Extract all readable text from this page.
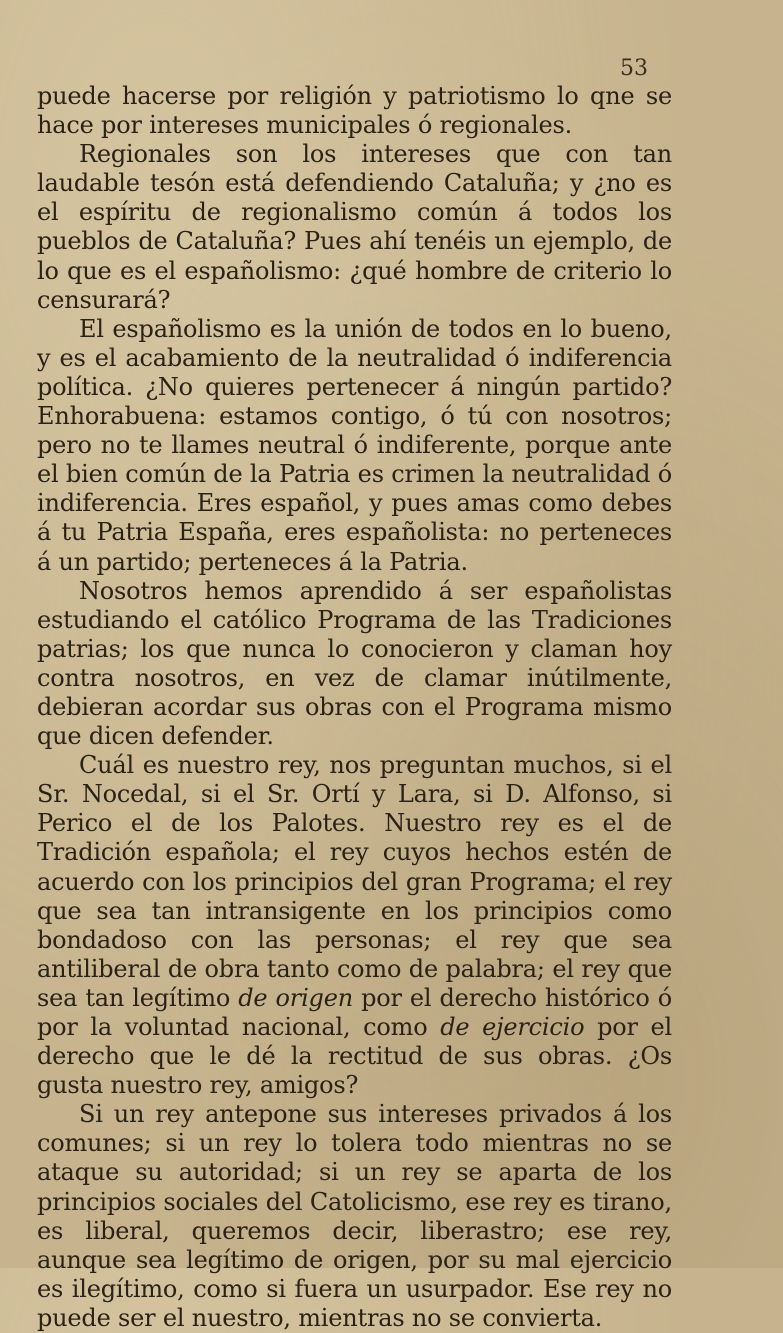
53

puede hacerse por religión y patriotismo lo qne se hace por intereses municipales ó regionales.

Regionales son los intereses que con tan laudable tesón está defendiendo Cataluña; y ¿no es el espíritu de regionalismo común á todos los pueblos de Cataluña? Pues ahí tenéis un ejemplo, de lo que es el españolismo: ¿qué hombre de criterio lo censurará?

El españolismo es la unión de todos en lo bueno, y es el acabamiento de la neutralidad ó indiferencia política. ¿No quieres pertenecer á ningún partido? Enhorabuena: estamos contigo, ó tú con nosotros; pero no te llames neutral ó indiferente, porque ante el bien común de la Patria es crimen la neutralidad ó indiferencia. Eres español, y pues amas como debes á tu Patria España, eres españolista: no perteneces á un partido; perteneces á la Patria.

Nosotros hemos aprendido á ser españolistas estudiando el católico Programa de las Tradiciones patrias; los que nunca lo conocieron y claman hoy contra nosotros, en vez de clamar inútilmente, debieran acordar sus obras con el Programa mismo que dicen defender.

Cuál es nuestro rey, nos preguntan muchos, si el Sr. Nocedal, si el Sr. Ortí y Lara, si D. Alfonso, si Perico el de los Palotes. Nuestro rey es el de Tradición española; el rey cuyos hechos estén de acuerdo con los principios del gran Programa; el rey que sea tan intransigente en los principios como bondadoso con las personas; el rey que sea antiliberal de obra tanto como de palabra; el rey que sea tan legítimo de origen por el derecho histórico ó por la voluntad nacional, como de ejercicio por el derecho que le dé la rectitud de sus obras. ¿Os gusta nuestro rey, amigos?

Si un rey antepone sus intereses privados á los comunes; si un rey lo tolera todo mientras no se ataque su autoridad; si un rey se aparta de los principios sociales del Catolicismo, ese rey es tirano, es liberal, queremos decir, liberastro; ese rey, aunque sea legítimo de origen, por su mal ejercicio es ilegítimo, como si fuera un usurpador. Ese rey no puede ser el nuestro, mientras no se convierta.
